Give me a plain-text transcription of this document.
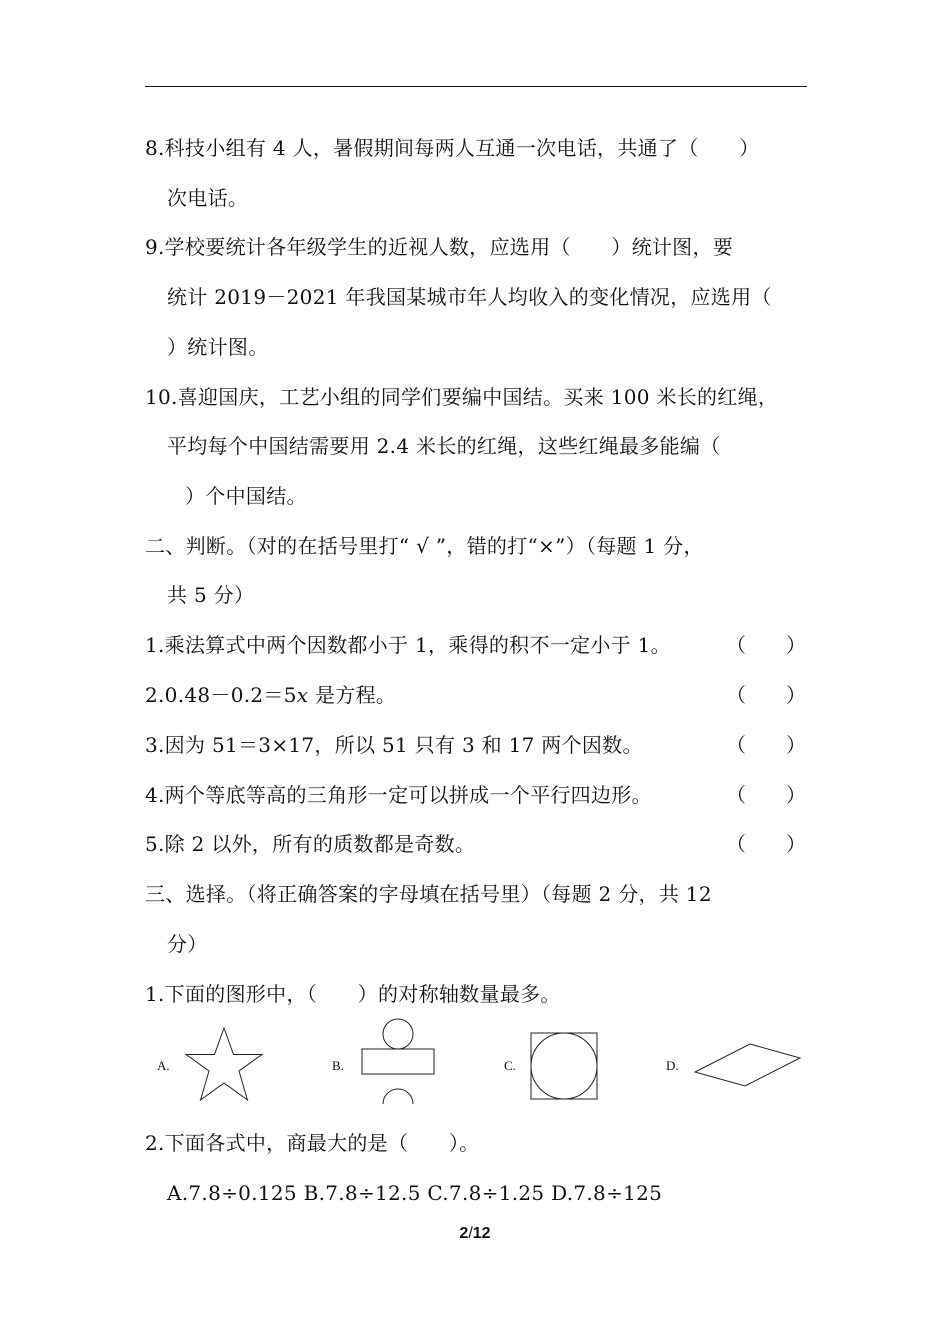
8.科技小组有 4 人，暑假期间每两人互通一次电话，共通了（　　）
次电话。
9.学校要统计各年级学生的近视人数，应选用（　　）统计图，要
统计 2019－2021 年我国某城市年人均收入的变化情况，应选用（
）统计图。
10.喜迎国庆，工艺小组的同学们要编中国结。买来 100 米长的红绳，
平均每个中国结需要用 2.4 米长的红绳，这些红绳最多能编（
）个中国结。
二、判断。（对的在括号里打“ √ ”，错的打“×”）（每题 1 分，
共 5 分）
1.乘法算式中两个因数都小于 1，乘得的积不一定小于 1。	（　　）
2.0.48－0.2＝5x 是方程。	（　　）
3.因为 51＝3×17，所以 51 只有 3 和 17 两个因数。	（　　）
4.两个等底等高的三角形一定可以拼成一个平行四边形。	（　　）
5.除 2 以外，所有的质数都是奇数。	（　　）
三、选择。（将正确答案的字母填在括号里）（每题 2 分，共 12
分）
1.下面的图形中，（　　）的对称轴数量最多。
A.	B.	C.	D.
2.下面各式中，商最大的是（　　）。
A.7.8÷0.125 B.7.8÷12.5 C.7.8÷1.25 D.7.8÷125
2/12
